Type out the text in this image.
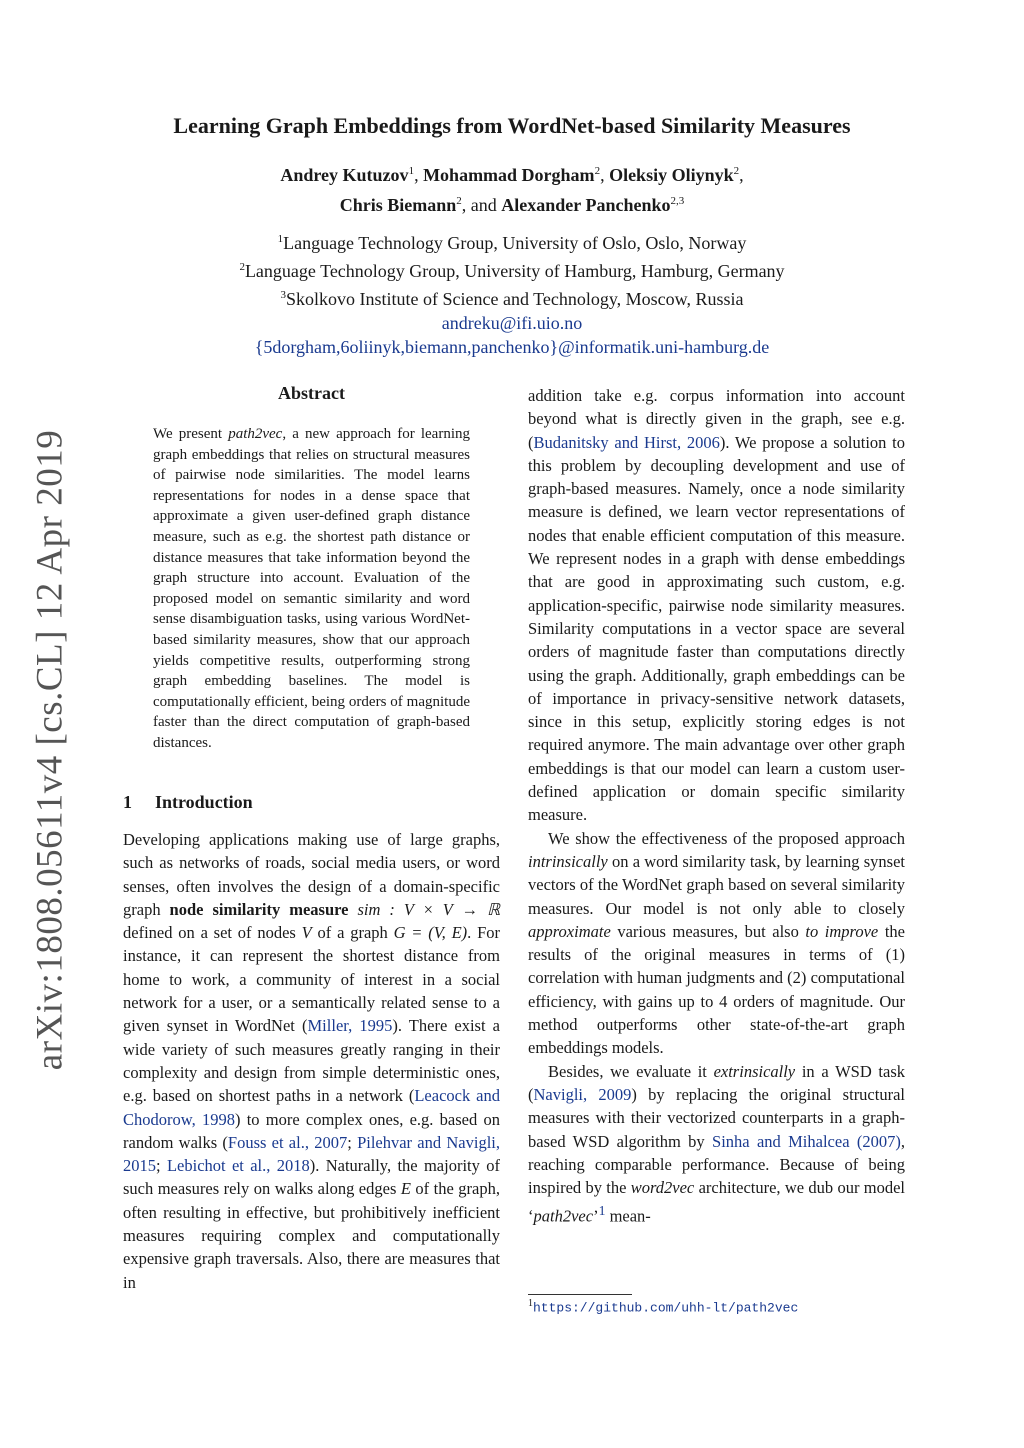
arXiv:1808.05611v4 [cs.CL] 12 Apr 2019
Learning Graph Embeddings from WordNet-based Similarity Measures
Andrey Kutuzov$^1$, Mohammad Dorgham$^2$, Oleksiy Oliynyk$^2$,
Chris Biemann$^2$, and Alexander Panchenko$^{2,3}$
$^1$Language Technology Group, University of Oslo, Oslo, Norway
$^2$Language Technology Group, University of Hamburg, Hamburg, Germany
$^3$Skolkovo Institute of Science and Technology, Moscow, Russia
andreku@ifi.uio.no
{5dorgham,6oliinyk,biemann,panchenko}@informatik.uni-hamburg.de
Abstract
We present path2vec, a new approach for learning graph embeddings that relies on structural measures of pairwise node similarities. The model learns representations for nodes in a dense space that approximate a given user-defined graph distance measure, such as e.g. the shortest path distance or distance measures that take information beyond the graph structure into account. Evaluation of the proposed model on semantic similarity and word sense disambiguation tasks, using various WordNet-based similarity measures, show that our approach yields competitive results, outperforming strong graph embedding baselines. The model is computationally efficient, being orders of magnitude faster than the direct computation of graph-based distances.
1 Introduction

Developing applications making use of large graphs, such as networks of roads, social media users, or word senses, often involves the design of a domain-specific graph node similarity measure sim : V × V → ℝ defined on a set of nodes V of a graph G = (V, E). For instance, it can represent the shortest distance from home to work, a community of interest in a social network for a user, or a semantically related sense to a given synset in WordNet (Miller, 1995). There exist a wide variety of such measures greatly ranging in their complexity and design from simple deterministic ones, e.g. based on shortest paths in a network (Leacock and Chodorow, 1998) to more complex ones, e.g. based on random walks (Fouss et al., 2007; Pilehvar and Navigli, 2015; Lebichot et al., 2018). Naturally, the majority of such measures rely on walks along edges E of the graph, often resulting in effective, but prohibitively inefficient measures requiring complex and computationally expensive graph traversals. Also, there are measures that in

addition take e.g. corpus information into account beyond what is directly given in the graph, see e.g. (Budanitsky and Hirst, 2006). We propose a solution to this problem by decoupling development and use of graph-based measures. Namely, once a node similarity measure is defined, we learn vector representations of nodes that enable efficient computation of this measure. We represent nodes in a graph with dense embeddings that are good in approximating such custom, e.g. application-specific, pairwise node similarity measures. Similarity computations in a vector space are several orders of magnitude faster than computations directly using the graph. Additionally, graph embeddings can be of importance in privacy-sensitive network datasets, since in this setup, explicitly storing edges is not required anymore. The main advantage over other graph embeddings is that our model can learn a custom user-defined application or domain specific similarity measure.

We show the effectiveness of the proposed approach intrinsically on a word similarity task, by learning synset vectors of the WordNet graph based on several similarity measures. Our model is not only able to closely approximate various measures, but also to improve the results of the original measures in terms of (1) correlation with human judgments and (2) computational efficiency, with gains up to 4 orders of magnitude. Our method outperforms other state-of-the-art graph embeddings models.

Besides, we evaluate it extrinsically in a WSD task (Navigli, 2009) by replacing the original structural measures with their vectorized counterparts in a graph-based WSD algorithm by Sinha and Mihalcea (2007), reaching comparable performance. Because of being inspired by the word2vec architecture, we dub our model ‘path2vec’$^1$ mean-

$^1$https://github.com/uhh-lt/path2vec
